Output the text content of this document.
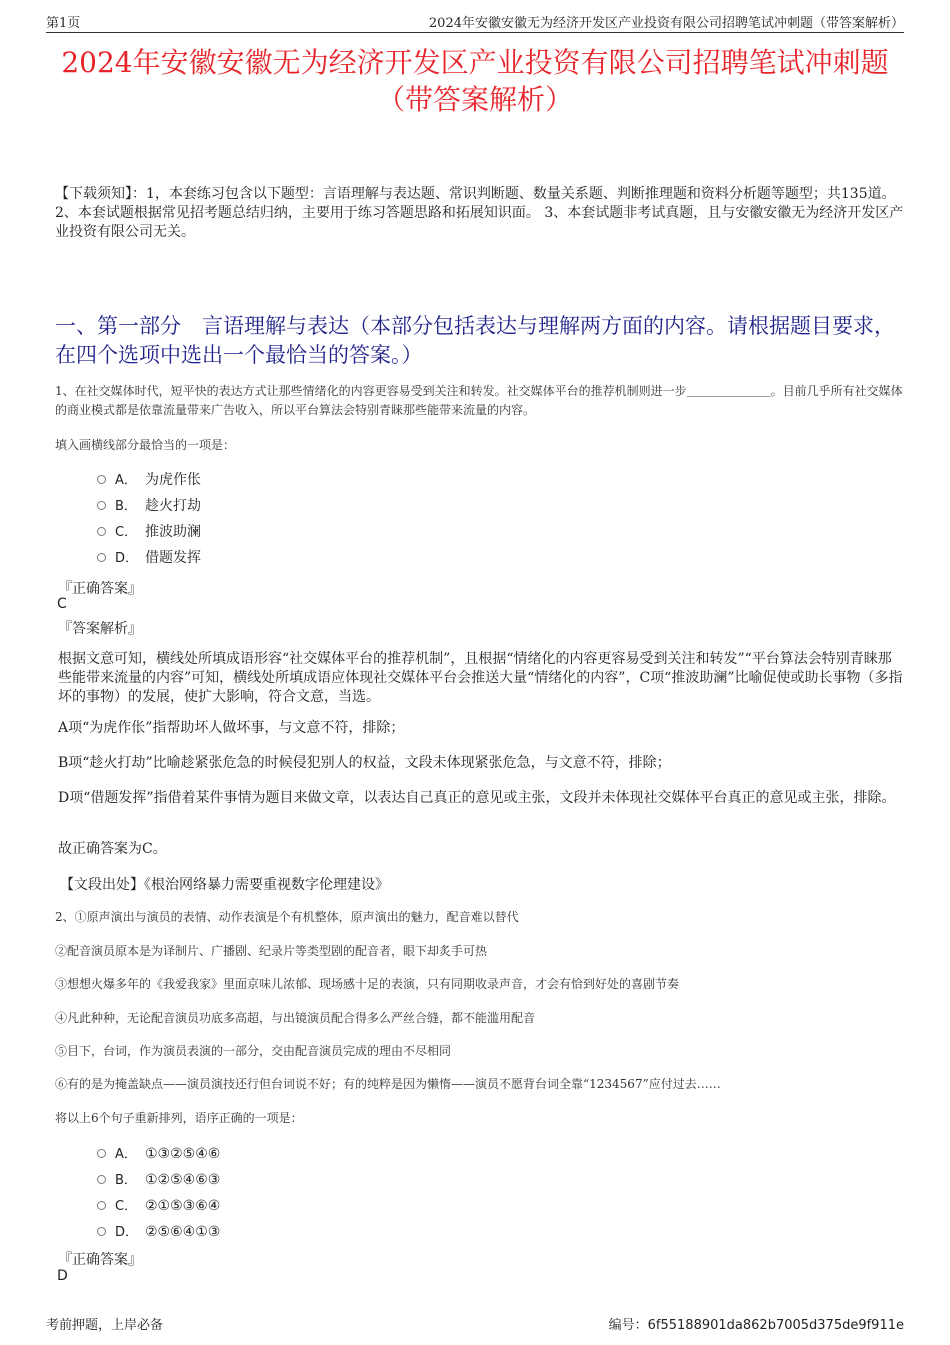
第1页	2024年安徽安徽无为经济开发区产业投资有限公司招聘笔试冲刺题（带答案解析）
2024年安徽安徽无为经济开发区产业投资有限公司招聘笔试冲刺题（带答案解析）
【下载须知】：1，本套练习包含以下题型：言语理解与表达题、常识判断题、数量关系题、判断推理题和资料分析题等题型；共135道。 2、本套试题根据常见招考题总结归纳，主要用于练习答题思路和拓展知识面。 3、本套试题非考试真题，且与安徽安徽无为经济开发区产业投资有限公司无关。
一、第一部分　言语理解与表达（本部分包括表达与理解两方面的内容。请根据题目要求，在四个选项中选出一个最恰当的答案。）
1、在社交媒体时代，短平快的表达方式让那些情绪化的内容更容易受到关注和转发。社交媒体平台的推荐机制则进一步＿＿＿＿＿＿＿。目前几乎所有社交媒体的商业模式都是依靠流量带来广告收入，所以平台算法会特别青睐那些能带来流量的内容。
填入画横线部分最恰当的一项是：
A． 为虎作伥
B． 趁火打劫
C． 推波助澜
D． 借题发挥
『正确答案』
C
『答案解析』
根据文意可知，横线处所填成语形容“社交媒体平台的推荐机制”，且根据“情绪化的内容更容易受到关注和转发”“平台算法会特别青睐那些能带来流量的内容”可知，横线处所填成语应体现社交媒体平台会推送大量“情绪化的内容”，C项“推波助澜”比喻促使或助长事物（多指坏的事物）的发展，使扩大影响，符合文意，当选。
A项“为虎作伥”指帮助坏人做坏事，与文意不符，排除；
B项“趁火打劫”比喻趁紧张危急的时候侵犯别人的权益，文段未体现紧张危急，与文意不符，排除；
D项“借题发挥”指借着某件事情为题目来做文章，以表达自己真正的意见或主张，文段并未体现社交媒体平台真正的意见或主张，排除。
故正确答案为C。
【文段出处】《根治网络暴力需要重视数字伦理建设》
2、①原声演出与演员的表情、动作表演是个有机整体，原声演出的魅力，配音难以替代
②配音演员原本是为译制片、广播剧、纪录片等类型剧的配音者，眼下却炙手可热
③想想火爆多年的《我爱我家》里面京味儿浓郁、现场感十足的表演，只有同期收录声音，才会有恰到好处的喜剧节奏
④凡此种种，无论配音演员功底多高超，与出镜演员配合得多么严丝合缝，都不能滥用配音
⑤目下，台词，作为演员表演的一部分，交由配音演员完成的理由不尽相同
⑥有的是为掩盖缺点——演员演技还行但台词说不好；有的纯粹是因为懒惰——演员不愿背台词全靠“1234567”应付过去……
将以上6个句子重新排列，语序正确的一项是：
A． ①③②⑤④⑥
B． ①②⑤④⑥③
C． ②①⑤③⑥④
D． ②⑤⑥④①③
『正确答案』
D
考前押题，上岸必备	编号：6f55188901da862b7005d375de9f911e
